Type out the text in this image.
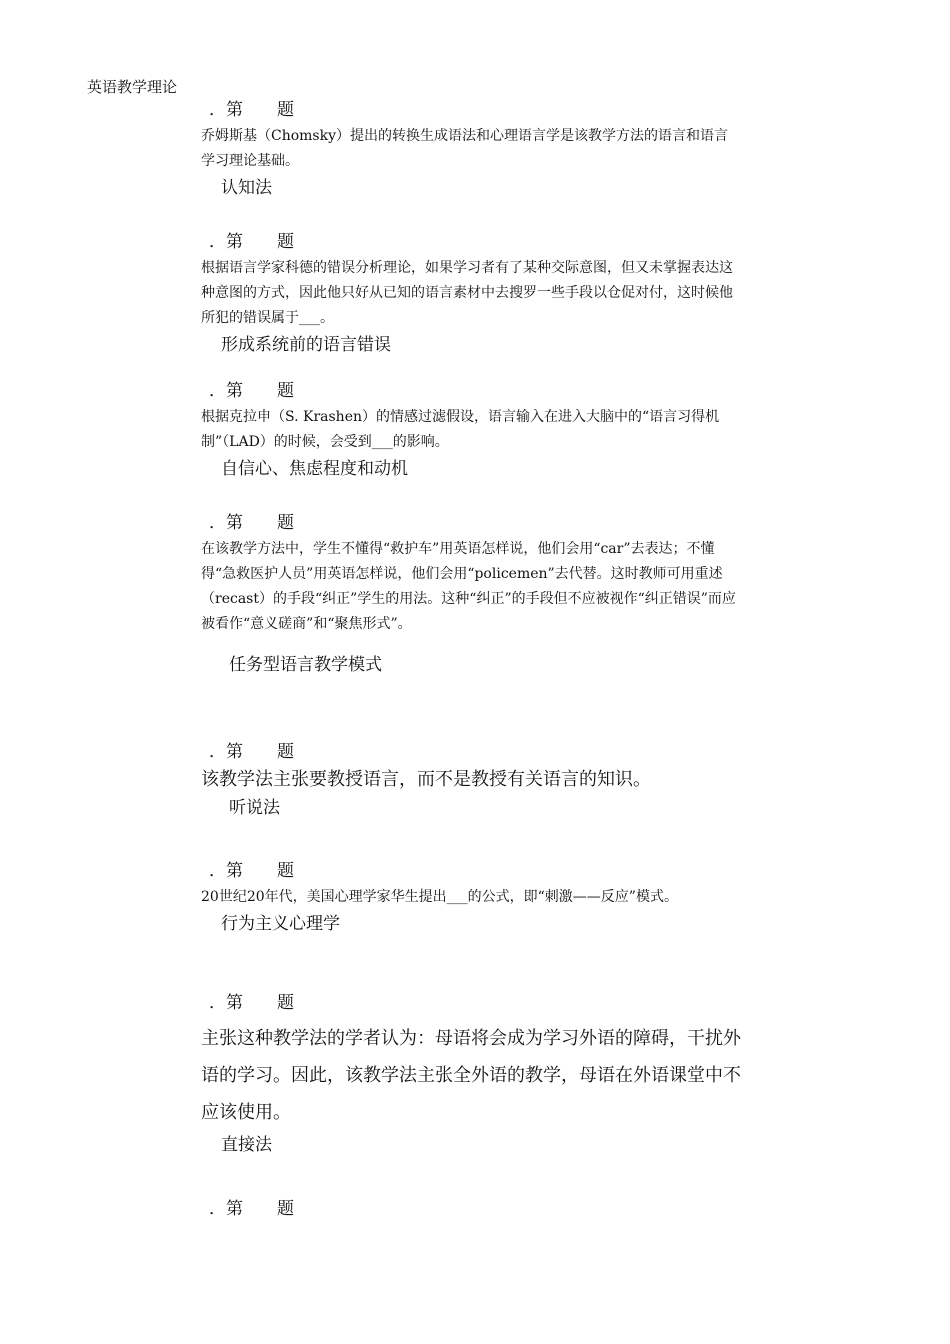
英语教学理论
．第　　题
乔姆斯基（Chomsky）提出的转换生成语法和心理语言学是该教学方法的语言和语言学习理论基础。
认知法
．第　　题
根据语言学家科德的错误分析理论，如果学习者有了某种交际意图，但又未掌握表达这种意图的方式，因此他只好从已知的语言素材中去搜罗一些手段以仓促对付，这时候他所犯的错误属于___。
形成系统前的语言错误
．第　　题
根据克拉申（S. Krashen）的情感过滤假设，语言输入在进入大脑中的“语言习得机制”（LAD）的时候，会受到___的影响。
自信心、焦虑程度和动机
．第　　题
在该教学方法中，学生不懂得“救护车”用英语怎样说，他们会用“car”去表达；不懂得“急救医护人员”用英语怎样说，他们会用“policemen”去代替。这时教师可用重述（recast）的手段“纠正”学生的用法。这种“纠正”的手段但不应被视作“纠正错误”而应被看作“意义磋商”和“聚焦形式”。
任务型语言教学模式
．第　　题
该教学法主张要教授语言，而不是教授有关语言的知识。
听说法
．第　　题
20世纪20年代，美国心理学家华生提出___的公式，即“刺激——反应”模式。
行为主义心理学
．第　　题
主张这种教学法的学者认为：母语将会成为学习外语的障碍，干扰外语的学习。因此，该教学法主张全外语的教学，母语在外语课堂中不应该使用。
直接法
．第　　题
